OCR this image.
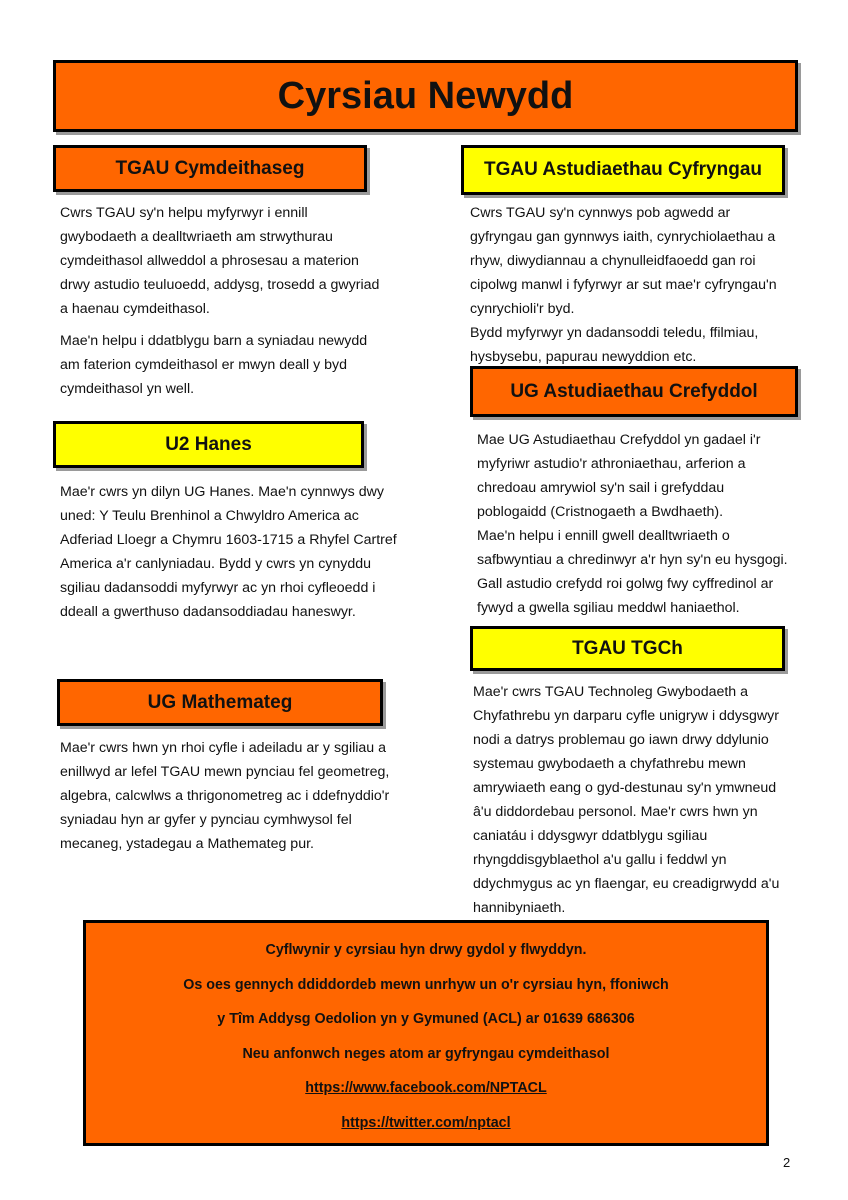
Cyrsiau Newydd
TGAU Cymdeithaseg

Cwrs TGAU sy'n helpu myfyrwyr i ennill

gwybodaeth a dealltwriaeth am strwythurau

cymdeithasol allweddol a phrosesau a materion

drwy astudio teuluoedd, addysg, trosedd a gwyriad

a haenau cymdeithasol.

Mae'n helpu i ddatblygu barn a syniadau newydd

am faterion cymdeithasol er mwyn deall y byd

cymdeithasol yn well.

TGAU Astudiaethau Cyfryngau

Cwrs TGAU sy'n cynnwys pob agwedd ar

gyfryngau gan gynnwys iaith, cynrychiolaethau a

rhyw, diwydiannau a chynulleidfaoedd gan roi

cipolwg manwl i fyfyrwyr ar sut mae'r cyfryngau'n

cynrychioli'r byd.

Bydd myfyrwyr yn dadansoddi teledu, ffilmiau,

hysbysebu, papurau newyddion etc.

UG Astudiaethau Crefyddol

Mae UG Astudiaethau Crefyddol yn gadael i'r

myfyriwr astudio'r athroniaethau, arferion a

chredoau amrywiol sy'n sail i grefyddau

poblogaidd (Cristnogaeth a Bwdhaeth).

Mae'n helpu i ennill gwell dealltwriaeth o

safbwyntiau a chredinwyr a'r hyn sy'n eu hysgogi.

Gall astudio crefydd roi golwg fwy cyffredinol ar

fywyd a gwella sgiliau meddwl haniaethol.

U2 Hanes

Mae'r cwrs yn dilyn UG Hanes. Mae'n cynnwys dwy

uned: Y Teulu Brenhinol a Chwyldro America ac

Adferiad Lloegr a Chymru 1603-1715 a Rhyfel Cartref

America a'r canlyniadau. Bydd y cwrs yn cynyddu

sgiliau dadansoddi myfyrwyr ac yn rhoi cyfleoedd i

ddeall a gwerthuso dadansoddiadau haneswyr.

TGAU TGCh

Mae'r cwrs TGAU Technoleg Gwybodaeth a

Chyfathrebu yn darparu cyfle unigryw i ddysgwyr

nodi a datrys problemau go iawn drwy ddylunio

systemau gwybodaeth a chyfathrebu mewn

amrywiaeth eang o gyd-destunau sy'n ymwneud

â'u diddordebau personol. Mae'r cwrs hwn yn

caniatáu i ddysgwyr ddatblygu sgiliau

rhyngddisgyblaethol a'u gallu i feddwl yn

ddychmygus ac yn flaengar, eu creadigrwydd a'u

hannibyniaeth.

UG Mathemateg

Mae'r cwrs hwn yn rhoi cyfle i adeiladu ar y sgiliau a

enillwyd ar lefel TGAU mewn pynciau fel geometreg,

algebra, calcwlws a thrigonometreg ac i ddefnyddio'r

syniadau hyn ar gyfer y pynciau cymhwysol fel

mecaneg, ystadegau a Mathemateg pur.

Cyflwynir y cyrsiau hyn drwy gydol y flwyddyn.
Os oes gennych ddiddordeb mewn unrhyw un o'r cyrsiau hyn, ffoniwch
y Tîm Addysg Oedolion yn y Gymuned (ACL) ar 01639 686306
Neu anfonwch neges atom ar gyfryngau cymdeithasol
https://www.facebook.com/NPTACL
https://twitter.com/nptacl
2
